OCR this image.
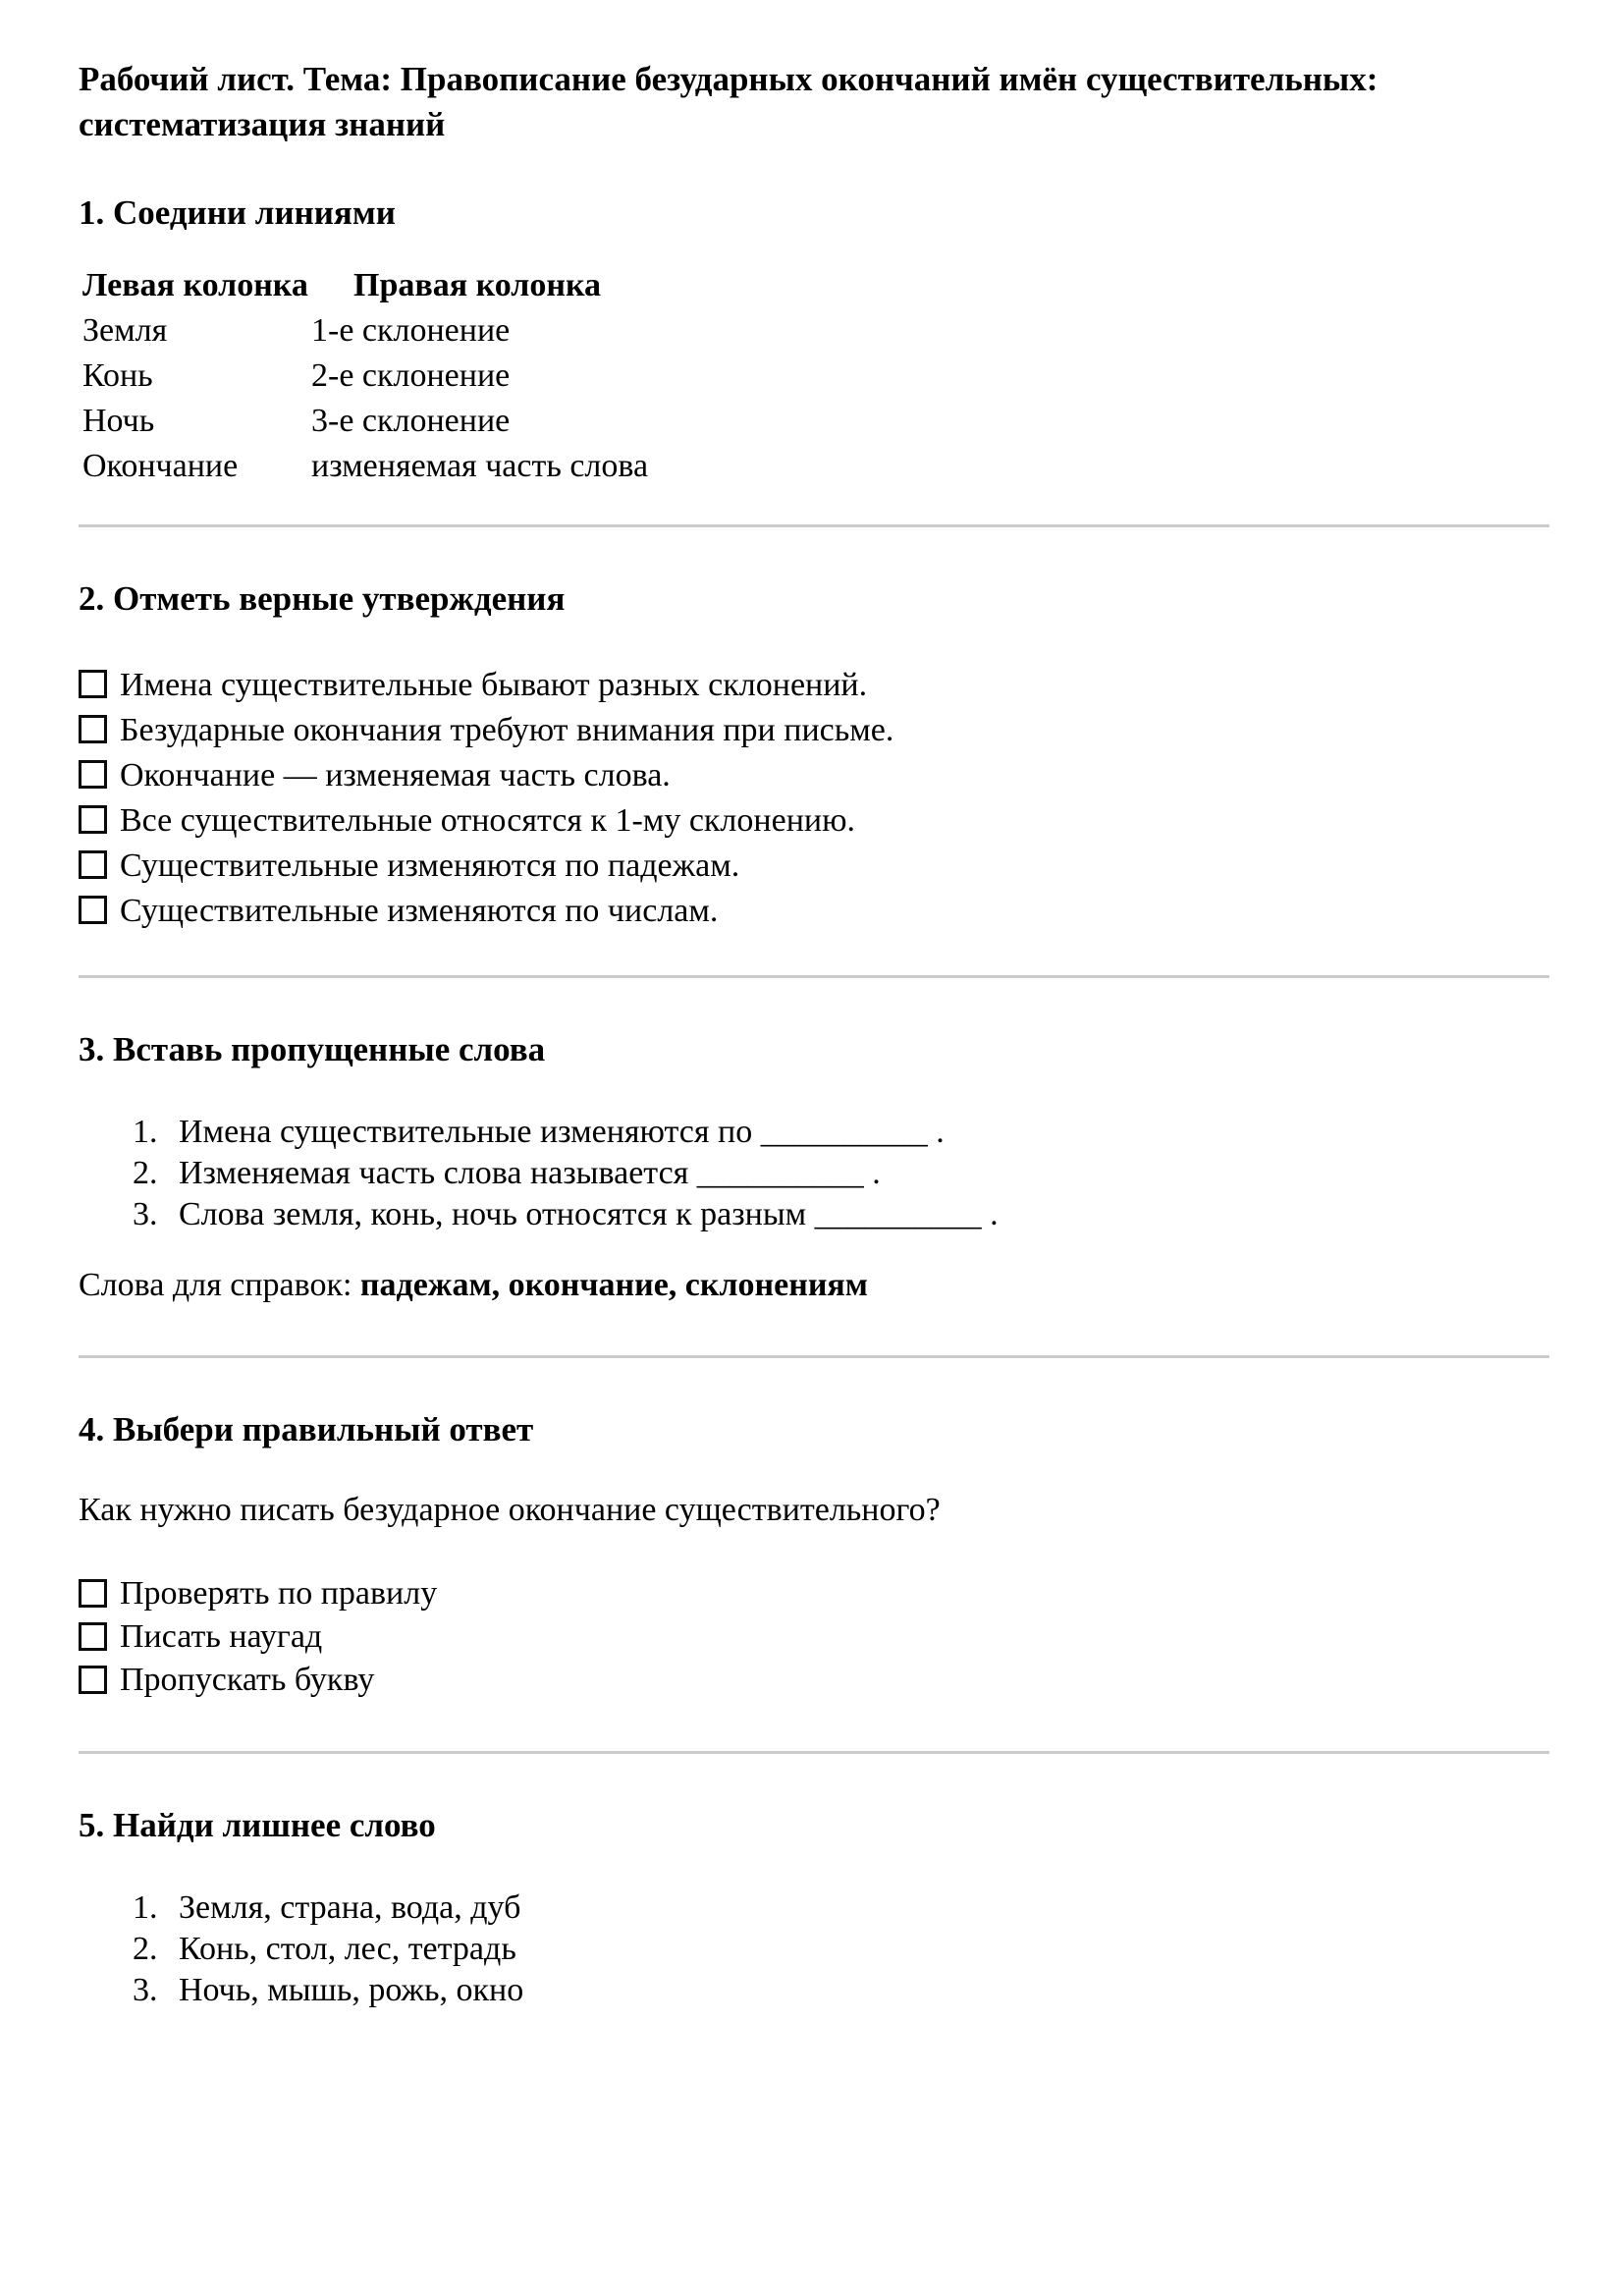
Рабочий лист. Тема: Правописание безударных окончаний имён существительных: систематизация знаний
1. Соедини линиями
Левая колонка	Правая колонка
Земля	1-е склонение
Конь	2-е склонение
Ночь	3-е склонение
Окончание	изменяемая часть слова
2. Отметь верные утверждения
Имена существительные бывают разных склонений.
Безударные окончания требуют внимания при письме.
Окончание — изменяемая часть слова.
Все существительные относятся к 1-му склонению.
Существительные изменяются по падежам.
Существительные изменяются по числам.
3. Вставь пропущенные слова
1. Имена существительные изменяются по __________ .
2. Изменяемая часть слова называется __________ .
3. Слова земля, конь, ночь относятся к разным __________ .
Слова для справок: падежам, окончание, склонениям
4. Выбери правильный ответ
Как нужно писать безударное окончание существительного?
Проверять по правилу
Писать наугад
Пропускать букву
5. Найди лишнее слово
1. Земля, страна, вода, дуб
2. Конь, стол, лес, тетрадь
3. Ночь, мышь, рожь, окно
